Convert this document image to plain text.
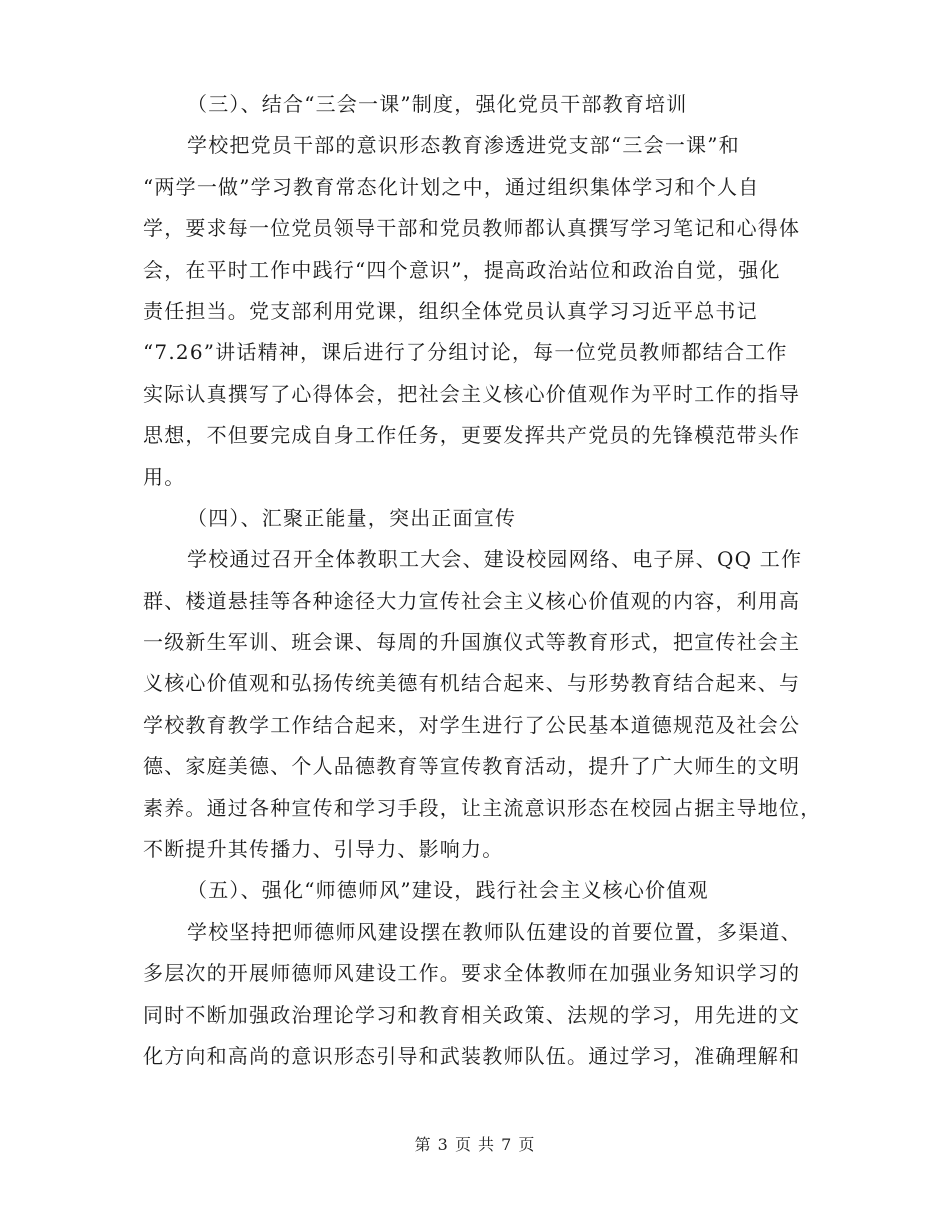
（三）、结合“三会一课”制度，强化党员干部教育培训
学校把党员干部的意识形态教育渗透进党支部“三会一课”和
“两学一做”学习教育常态化计划之中，通过组织集体学习和个人自
学，要求每一位党员领导干部和党员教师都认真撰写学习笔记和心得体
会，在平时工作中践行“四个意识”，提高政治站位和政治自觉，强化
责任担当。党支部利用党课，组织全体党员认真学习习近平总书记
“7.26”讲话精神，课后进行了分组讨论，每一位党员教师都结合工作
实际认真撰写了心得体会，把社会主义核心价值观作为平时工作的指导
思想，不但要完成自身工作任务，更要发挥共产党员的先锋模范带头作
用。
（四）、汇聚正能量，突出正面宣传
学校通过召开全体教职工大会、建设校园网络、电子屏、QQ 工作
群、楼道悬挂等各种途径大力宣传社会主义核心价值观的内容，利用高
一级新生军训、班会课、每周的升国旗仪式等教育形式，把宣传社会主
义核心价值观和弘扬传统美德有机结合起来、与形势教育结合起来、与
学校教育教学工作结合起来，对学生进行了公民基本道德规范及社会公
德、家庭美德、个人品德教育等宣传教育活动，提升了广大师生的文明
素养。通过各种宣传和学习手段，让主流意识形态在校园占据主导地位，
不断提升其传播力、引导力、影响力。
（五）、强化“师德师风”建设，践行社会主义核心价值观
学校坚持把师德师风建设摆在教师队伍建设的首要位置，多渠道、
多层次的开展师德师风建设工作。要求全体教师在加强业务知识学习的
同时不断加强政治理论学习和教育相关政策、法规的学习，用先进的文
化方向和高尚的意识形态引导和武装教师队伍。通过学习，准确理解和
第 3 页 共 7 页
